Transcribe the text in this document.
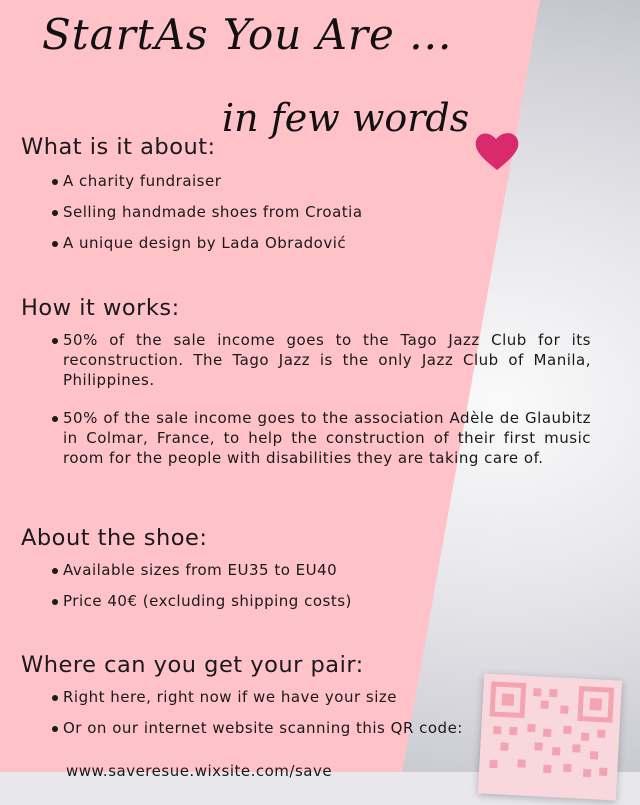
StartAs You Are ...
in few words
What is it about:
A charity fundraiser
Selling handmade shoes from Croatia
A unique design by Lada Obradović
How it works:
50% of the sale income goes to the Tago Jazz Club for its reconstruction. The Tago Jazz is the only Jazz Club of Manila, Philippines.
50% of the sale income goes to the association Adèle de Glaubitz in Colmar, France, to help the construction of their first music room for the people with disabilities they are taking care of.
About the shoe:
Available sizes from EU35 to EU40
Price 40€ (excluding shipping costs)
Where can you get your pair:
Right here, right now if we have your size
Or on our internet website scanning this QR code:
www.saveresue.wixsite.com/save
